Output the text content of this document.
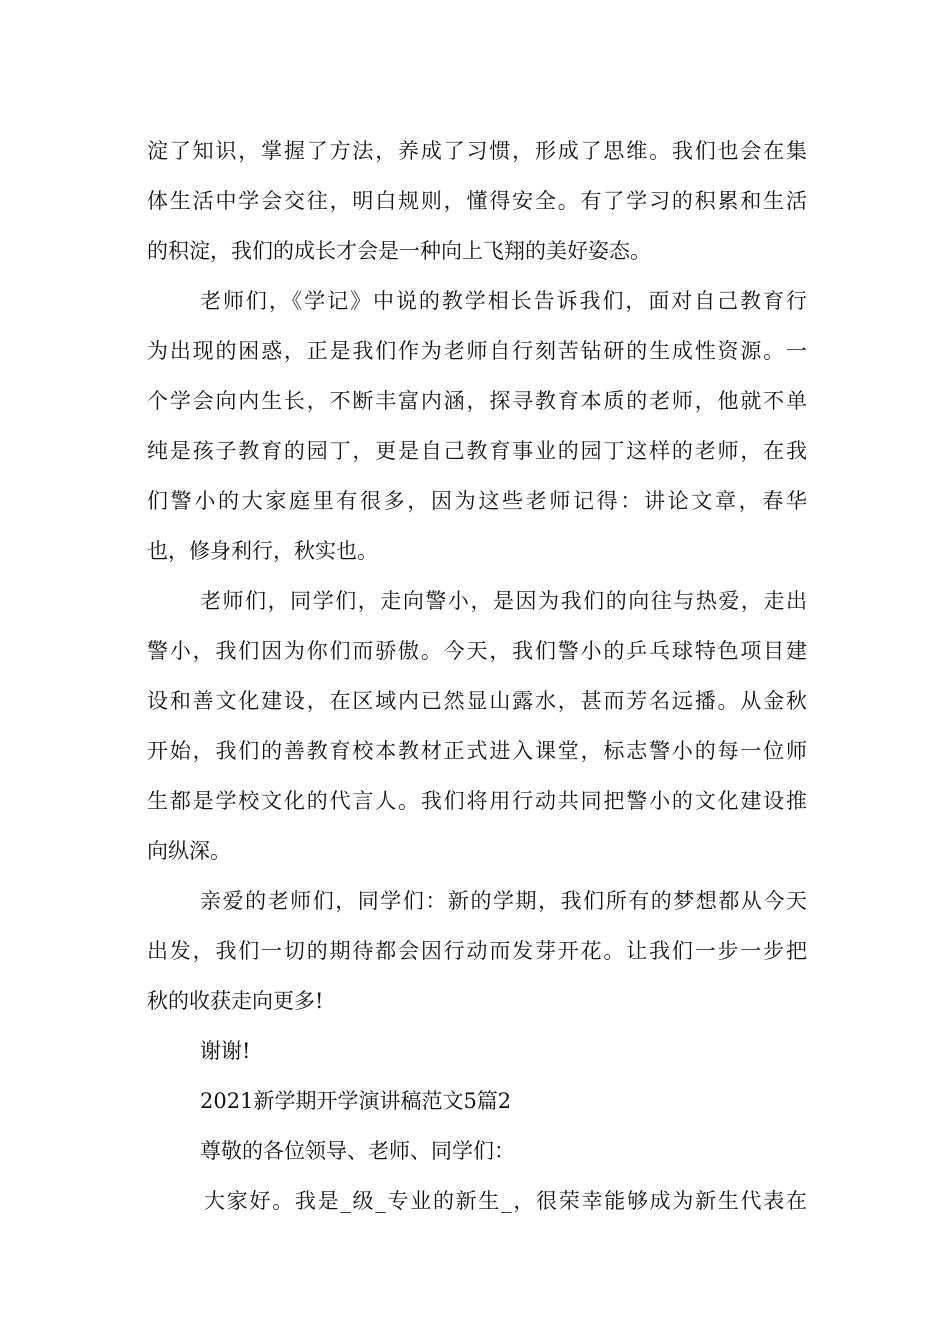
淀了知识，掌握了方法，养成了习惯，形成了思维。我们也会在集
体生活中学会交往，明白规则，懂得安全。有了学习的积累和生活
的积淀，我们的成长才会是一种向上飞翔的美好姿态。
老师们，《学记》中说的教学相长告诉我们，面对自己教育行
为出现的困惑，正是我们作为老师自行刻苦钻研的生成性资源。一
个学会向内生长，不断丰富内涵，探寻教育本质的老师，他就不单
纯是孩子教育的园丁，更是自己教育事业的园丁这样的老师，在我
们警小的大家庭里有很多，因为这些老师记得：讲论文章，春华
也，修身利行，秋实也。
老师们，同学们，走向警小，是因为我们的向往与热爱，走出
警小，我们因为你们而骄傲。今天，我们警小的乒乓球特色项目建
设和善文化建设，在区域内已然显山露水，甚而芳名远播。从金秋
开始，我们的善教育校本教材正式进入课堂，标志警小的每一位师
生都是学校文化的代言人。我们将用行动共同把警小的文化建设推
向纵深。
亲爱的老师们，同学们：新的学期，我们所有的梦想都从今天
出发，我们一切的期待都会因行动而发芽开花。让我们一步一步把
秋的收获走向更多!
谢谢!
2021新学期开学演讲稿范文5篇2
尊敬的各位领导、老师、同学们：
大家好。我是_级_专业的新生_，很荣幸能够成为新生代表在
